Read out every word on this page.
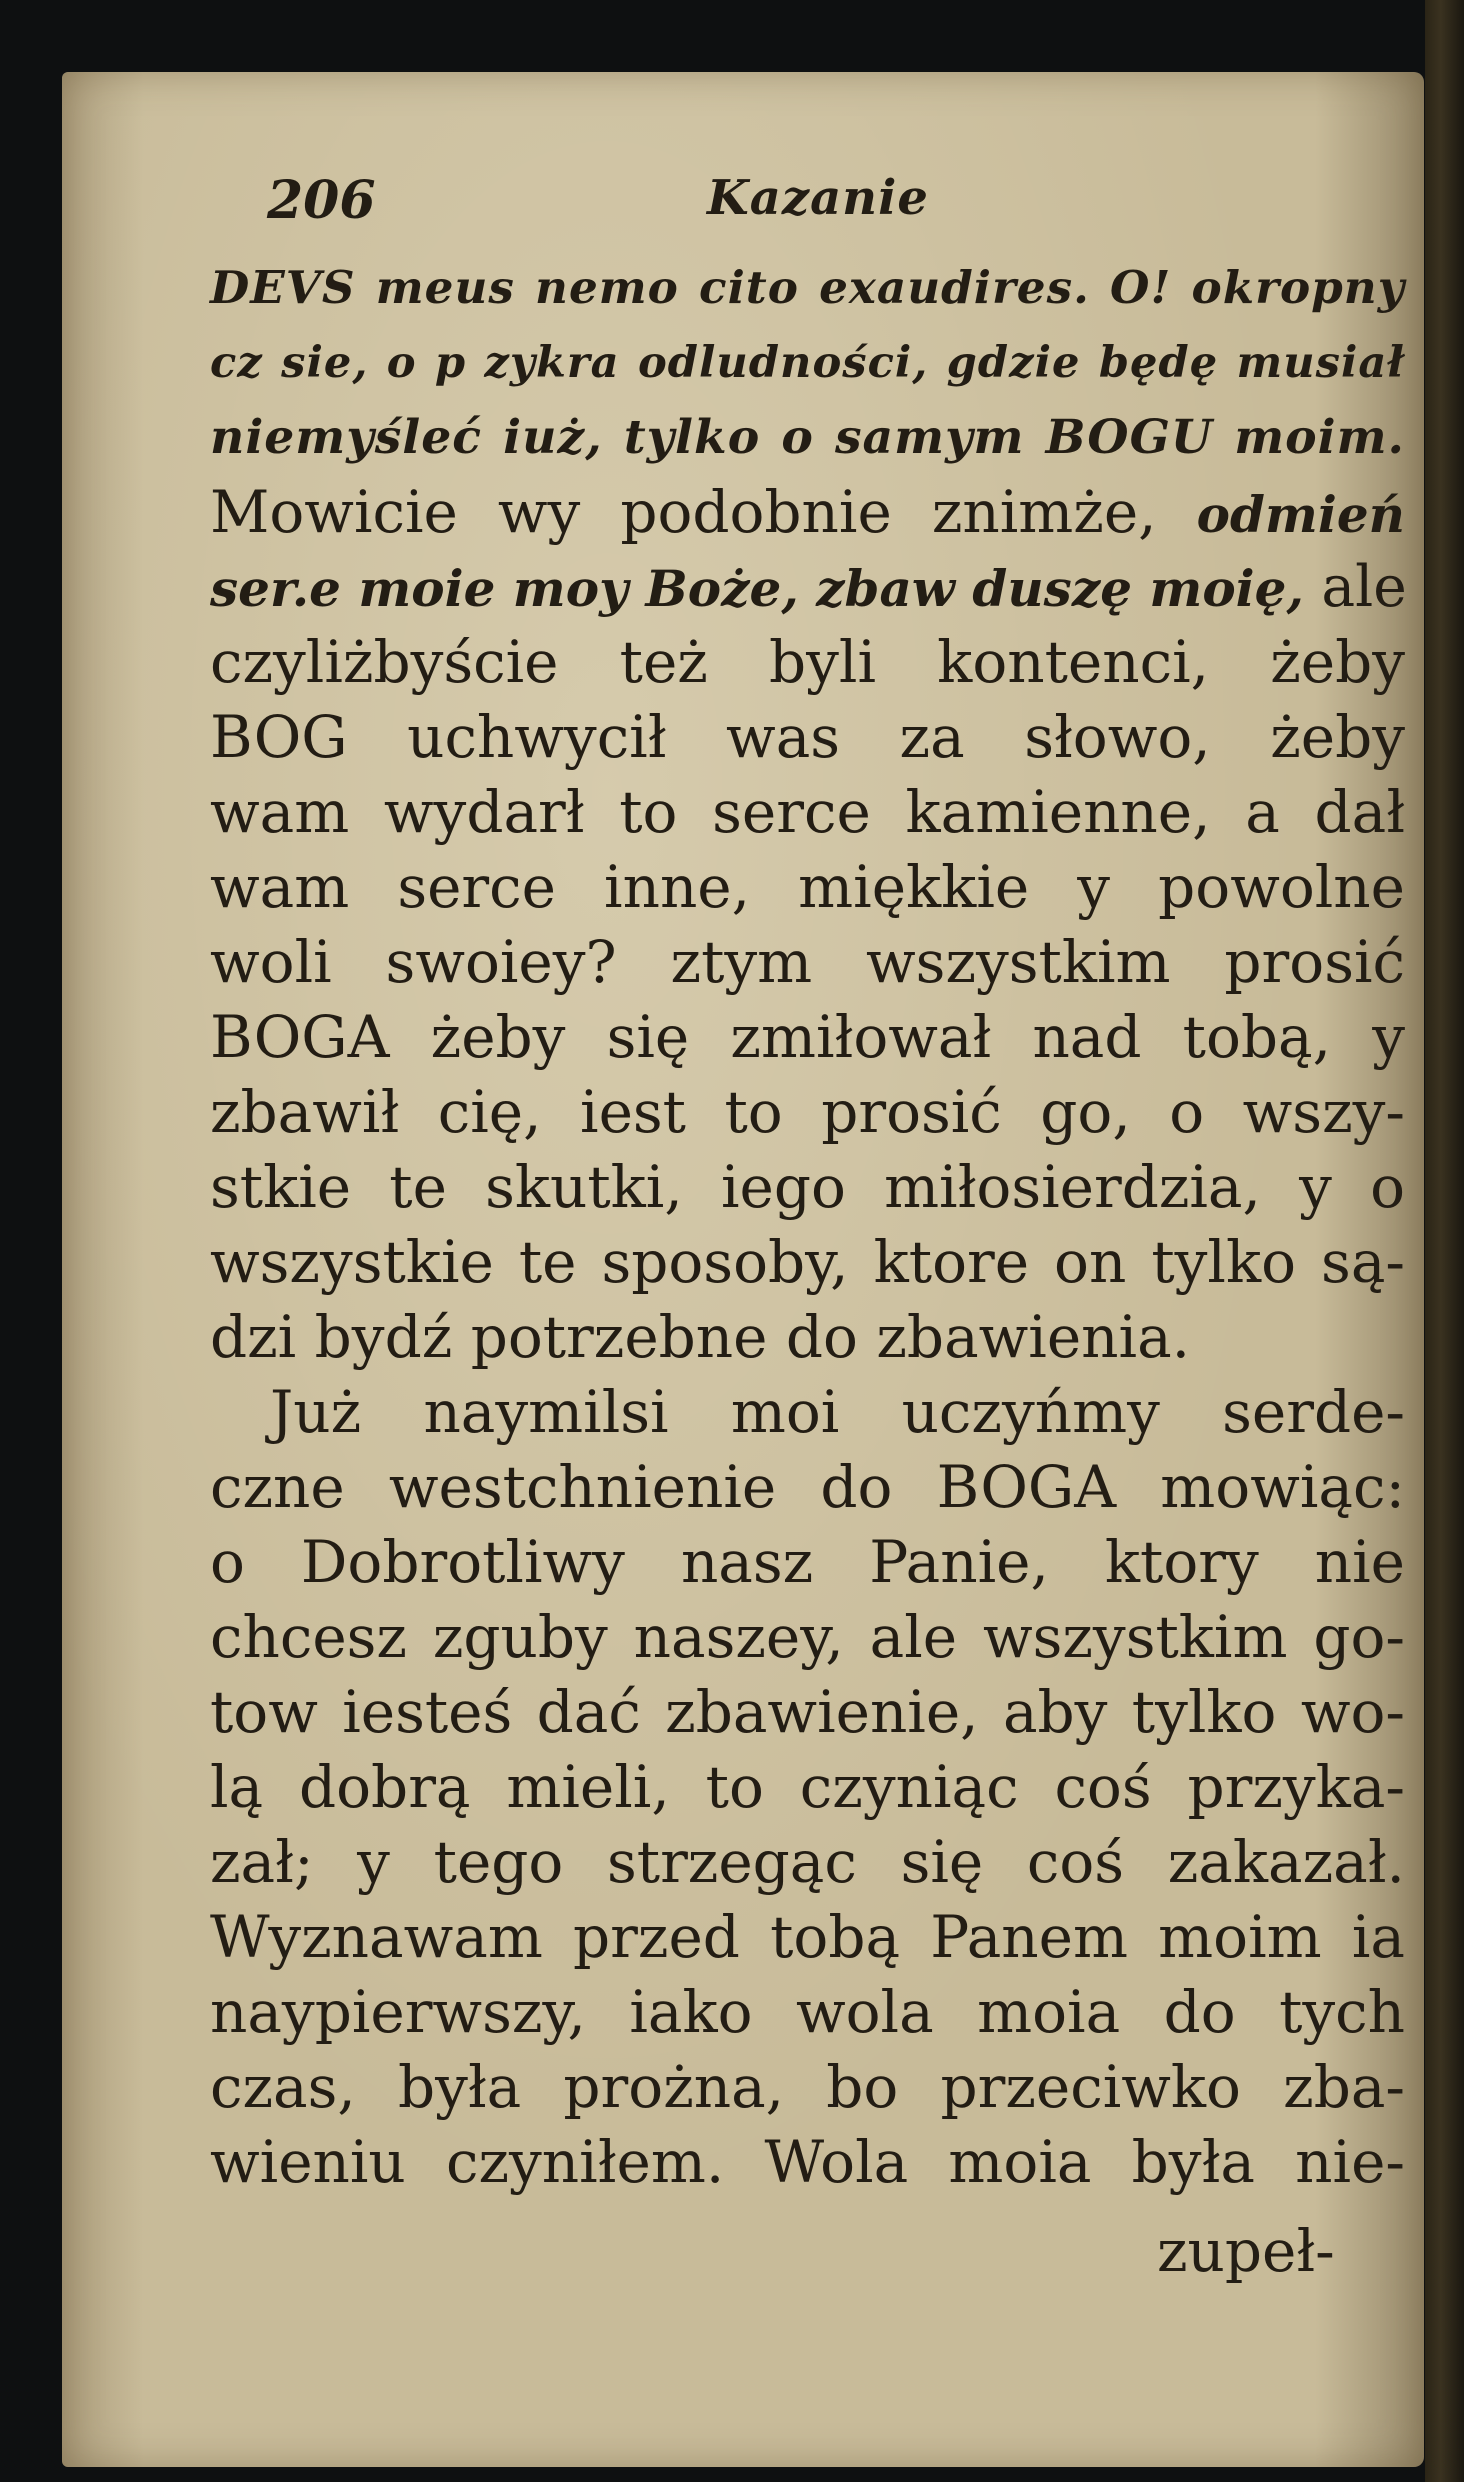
206	Kazanie
DEVS meus nemo cito exaudires. O! okropny
cz sie, o p zykra odludności, gdzie będę musiał
niemyśleć iuż, tylko o samym BOGU moim.
Mowicie wy podobnie znimże, odmień
ser.e moie moy Boże, zbaw duszę moię, ale
czyliżbyście też byli kontenci, żeby
BOG uchwycił was za słowo, żeby
wam wydarł to serce kamienne, a dał
wam serce inne, miękkie y powolne
woli swoiey? ztym wszystkim prosić
BOGA żeby się zmiłował nad tobą, y
zbawił cię, iest to prosić go, o wszy-
stkie te skutki, iego miłosierdzia, y o
wszystkie te sposoby, ktore on tylko są-
dzi bydź potrzebne do zbawienia.
Już naymilsi moi uczyńmy serde-
czne westchnienie do BOGA mowiąc:
o Dobrotliwy nasz Panie, ktory nie
chcesz zguby naszey, ale wszystkim go-
tow iesteś dać zbawienie, aby tylko wo-
lą dobrą mieli, to czyniąc coś przyka-
zał; y tego strzegąc się coś zakazał.
Wyznawam przed tobą Panem moim ia
naypierwszy, iako wola moia do tych
czas, była prożna, bo przeciwko zba-
wieniu czyniłem. Wola moia była nie-
zupeł-
